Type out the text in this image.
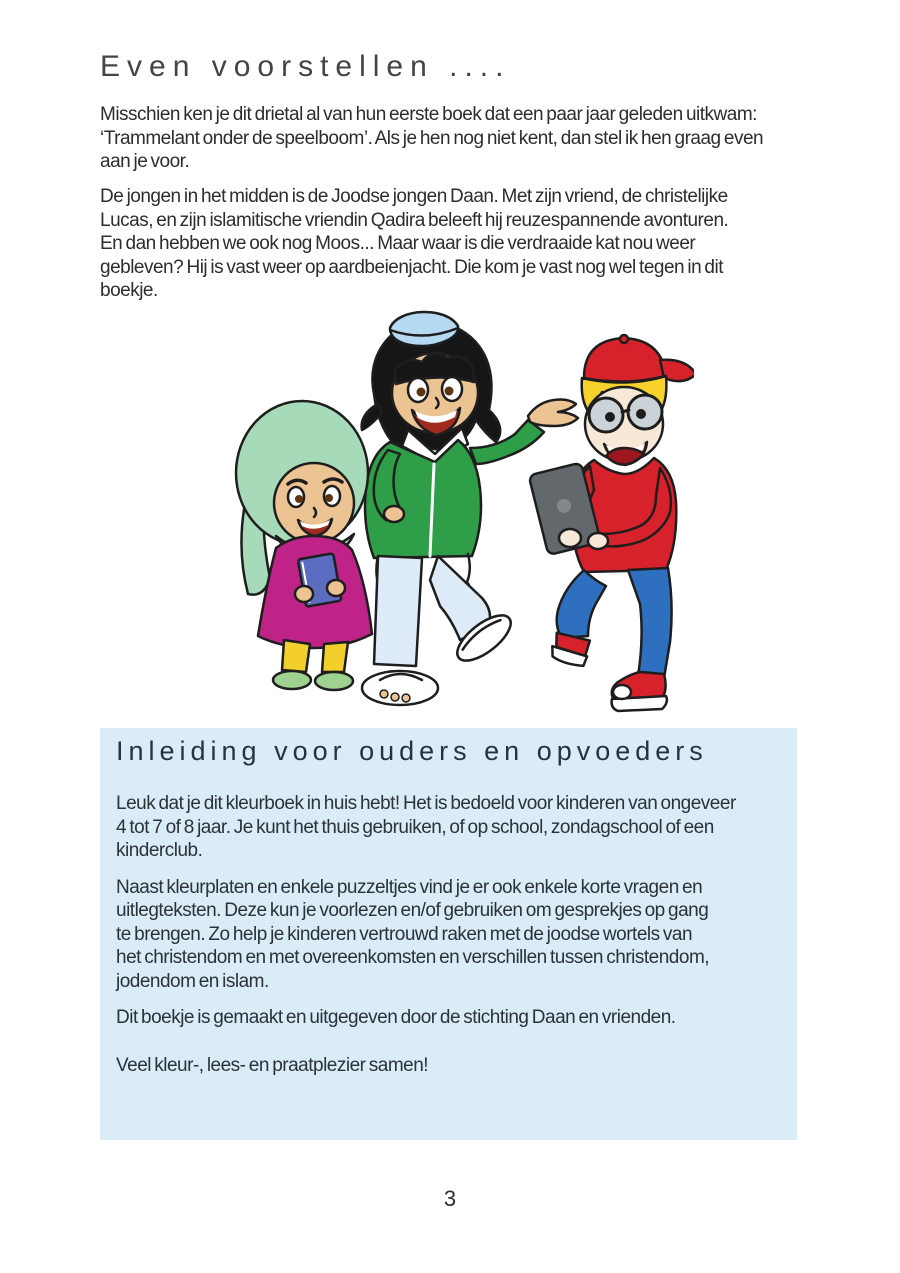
Even voorstellen ....
Misschien ken je dit drietal al van hun eerste boek dat een paar jaar geleden uitkwam:
‘Trammelant onder de speelboom’. Als je hen nog niet kent, dan stel ik hen graag even
aan je voor.
De jongen in het midden is de Joodse jongen Daan. Met zijn vriend, de christelijke
Lucas, en zijn islamitische vriendin Qadira beleeft hij reuzespannende avonturen.
En dan hebben we ook nog Moos... Maar waar is die verdraaide kat nou weer
gebleven? Hij is vast weer op aardbeienjacht. Die kom je vast nog wel tegen in dit
boekje.
Inleiding voor ouders en opvoeders
Leuk dat je dit kleurboek in huis hebt! Het is bedoeld voor kinderen van ongeveer
4 tot 7 of 8 jaar. Je kunt het thuis gebruiken, of op school, zondagschool of een
kinderclub.
Naast kleurplaten en enkele puzzeltjes vind je er ook enkele korte vragen en
uitlegteksten. Deze kun je voorlezen en/of gebruiken om gesprekjes op gang
te brengen. Zo help je kinderen vertrouwd raken met de joodse wortels van
het christendom en met overeenkomsten en verschillen tussen christendom,
jodendom en islam.
Dit boekje is gemaakt en uitgegeven door de stichting Daan en vrienden.
Veel kleur-, lees- en praatplezier samen!
3
